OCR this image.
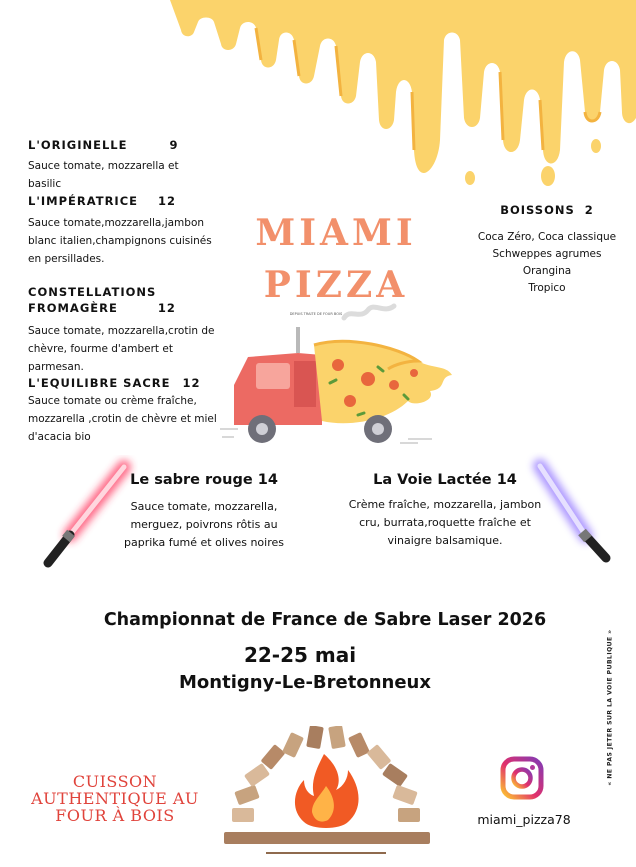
L'ORIGINELLE	9
Sauce tomate, mozzarella et basilic
L'IMPÉRATRICE 12
Sauce tomate,mozzarella,jambon blanc italien,champignons cuisinés en persillades.
CONSTELLATIONS
FROMAGÈRE	12
Sauce tomate, mozzarella,crotin de chèvre, fourme d'ambert et parmesan.
L'EQUILIBRE SACRE 12
Sauce tomate ou crème fraîche, mozzarella ,crotin de chèvre et miel d'acacia bio
MIAMI
PIZZA
DEPUIS TRAITE DE FOUR BOIS
BOISSONS 2
Coca Zéro, Coca classique
Schweppes agrumes
Orangina
Tropico
Le sabre rouge 14
Sauce tomate, mozzarella, merguez, poivrons rôtis au paprika fumé et olives noires
La Voie Lactée 14
Crème fraîche, mozzarella, jambon cru, burrata,roquette fraîche et vinaigre balsamique.
Championnat de France de Sabre Laser 2026
22-25 mai
Montigny-Le-Bretonneux
CUISSON
AUTHENTIQUE AU
FOUR À BOIS	miami_pizza78
« NE PAS JETER SUR LA VOIE PUBLIQUE »
